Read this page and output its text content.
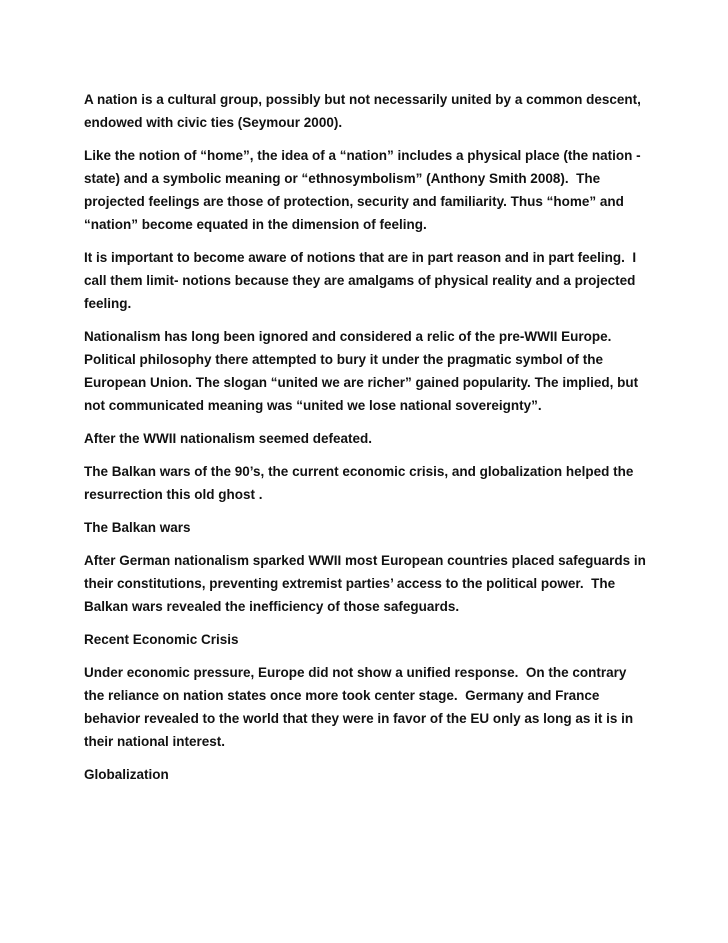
A nation is a cultural group, possibly but not necessarily united by a common descent, endowed with civic ties (Seymour 2000).

Like the notion of “home”, the idea of a “nation” includes a physical place (the nation -state) and a symbolic meaning or “ethnosymbolism” (Anthony Smith 2008).  The projected feelings are those of protection, security and familiarity. Thus “home” and “nation” become equated in the dimension of feeling.

It is important to become aware of notions that are in part reason and in part feeling.  I call them limit- notions because they are amalgams of physical reality and a projected feeling.

Nationalism has long been ignored and considered a relic of the pre-WWII Europe.   Political philosophy there attempted to bury it under the pragmatic symbol of the European Union. The slogan “united we are richer” gained popularity. The implied, but not communicated meaning was “united we lose national sovereignty”.

After the WWII nationalism seemed defeated.

The Balkan wars of the 90’s, the current economic crisis, and globalization helped the resurrection this old ghost .

The Balkan wars

After German nationalism sparked WWII most European countries placed safeguards in their constitutions, preventing extremist parties’ access to the political power.  The Balkan wars revealed the inefficiency of those safeguards.

Recent Economic Crisis

Under economic pressure, Europe did not show a unified response.  On the contrary the reliance on nation states once more took center stage.  Germany and France behavior revealed to the world that they were in favor of the EU only as long as it is in their national interest.

Globalization
